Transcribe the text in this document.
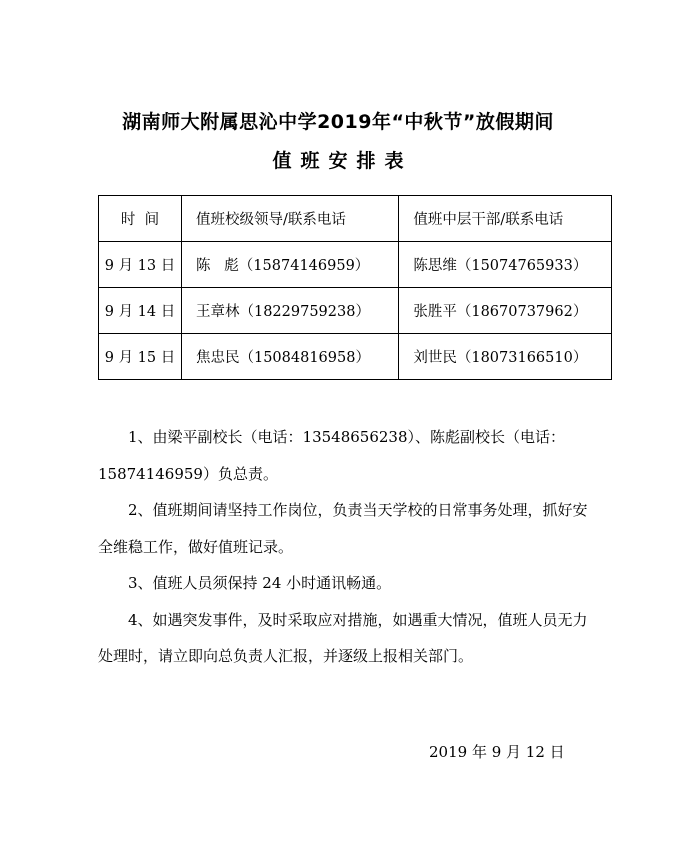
湖南师大附属思沁中学2019年“中秋节”放假期间
值班安排表
时  间	值班校级领导/联系电话	值班中层干部/联系电话
9 月 13 日	陈   彪（15874146959）	陈思维（15074765933）
9 月 14 日	王章林（18229759238）	张胜平（18670737962）
9 月 15 日	焦忠民（15084816958）	刘世民（18073166510）

1、由梁平副校长（电话：13548656238）、陈彪副校长（电话：15874146959）负总责。

2、值班期间请坚持工作岗位，负责当天学校的日常事务处理，抓好安全维稳工作，做好值班记录。

3、值班人员须保持 24 小时通讯畅通。

4、如遇突发事件，及时采取应对措施，如遇重大情况，值班人员无力处理时，请立即向总负责人汇报，并逐级上报相关部门。

2019 年 9 月 12 日
